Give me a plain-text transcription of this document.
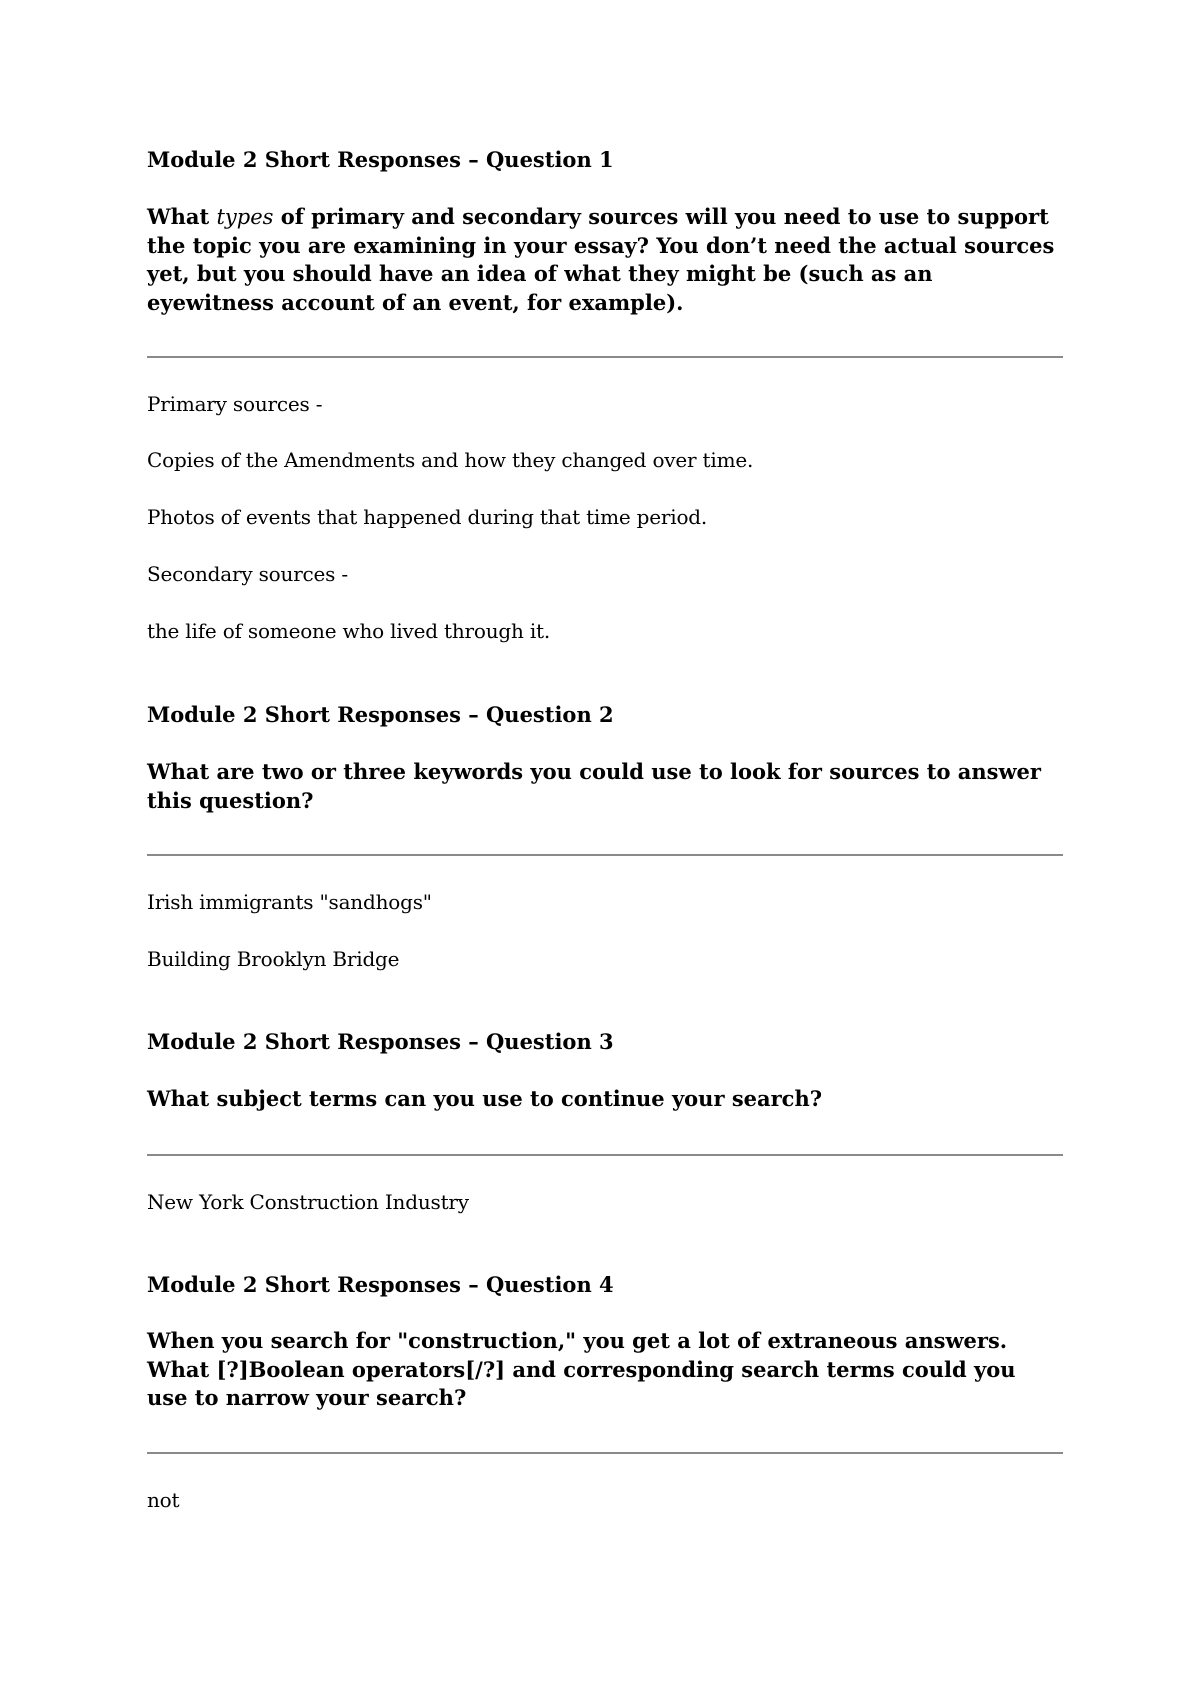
Module 2 Short Responses – Question 1
What types of primary and secondary sources will you need to use to support the topic you are examining in your essay? You don’t need the actual sources yet, but you should have an idea of what they might be (such as an eyewitness account of an event, for example).
Primary sources -
Copies of the Amendments and how they changed over time.
Photos of events that happened during that time period.
Secondary sources -
the life of someone who lived through it.
Module 2 Short Responses – Question 2
What are two or three keywords you could use to look for sources to answer this question?
Irish immigrants "sandhogs"
Building Brooklyn Bridge
Module 2 Short Responses – Question 3
What subject terms can you use to continue your search?
New York Construction Industry
Module 2 Short Responses – Question 4
When you search for "construction," you get a lot of extraneous answers. What [?]Boolean operators[/?] and corresponding search terms could you use to narrow your search?
not
